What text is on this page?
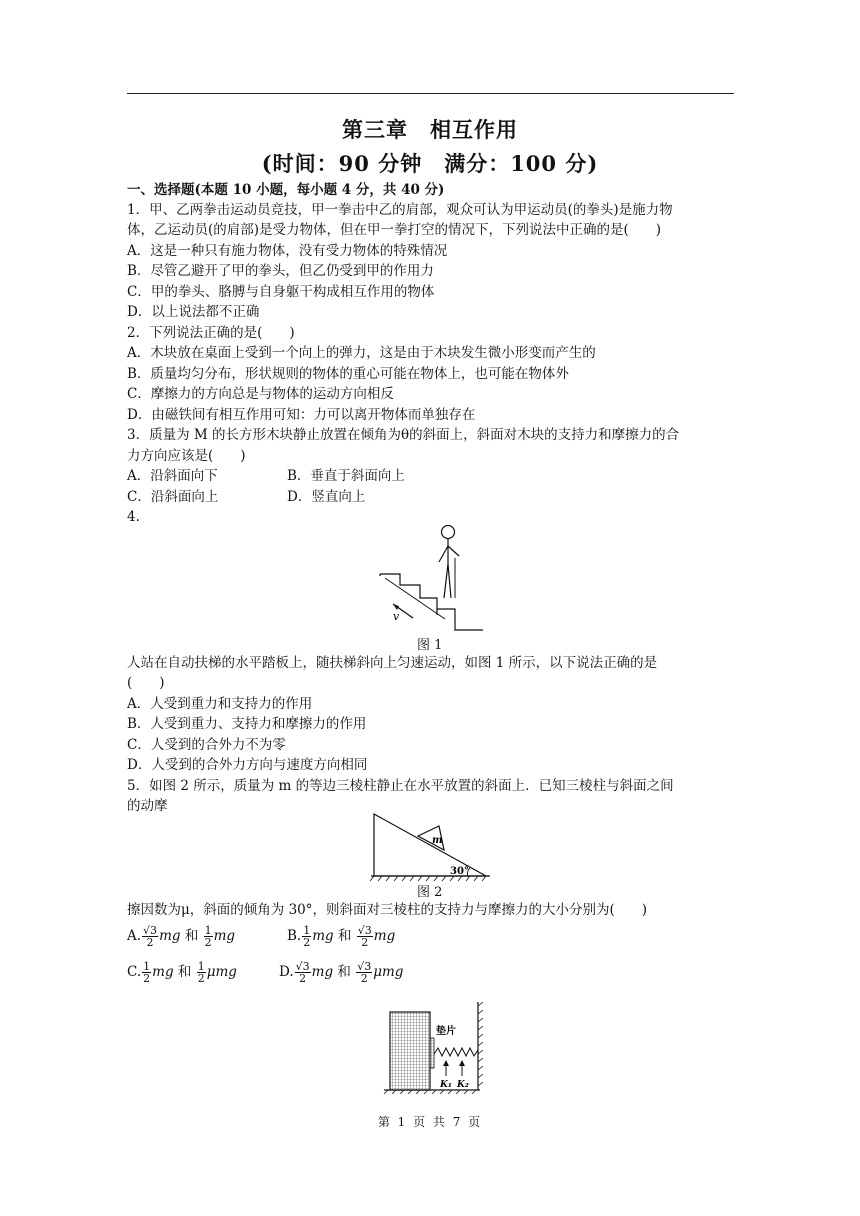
第三章　相互作用
(时间：90 分钟　满分：100 分)
一、选择题(本题 10 小题，每小题 4 分，共 40 分)
1．甲、乙两拳击运动员竞技，甲一拳击中乙的肩部，观众可认为甲运动员(的拳头)是施力物
体，乙运动员(的肩部)是受力物体，但在甲一拳打空的情况下，下列说法中正确的是(　　)
A．这是一种只有施力物体，没有受力物体的特殊情况
B．尽管乙避开了甲的拳头，但乙仍受到甲的作用力
C．甲的拳头、胳膊与自身躯干构成相互作用的物体
D．以上说法都不正确
2．下列说法正确的是(　　)
A．木块放在桌面上受到一个向上的弹力，这是由于木块发生微小形变而产生的
B．质量均匀分布，形状规则的物体的重心可能在物体上，也可能在物体外
C．摩擦力的方向总是与物体的运动方向相反
D．由磁铁间有相互作用可知：力可以离开物体而单独存在
3．质量为 M 的长方形木块静止放置在倾角为θ的斜面上，斜面对木块的支持力和摩擦力的合
力方向应该是(　　)
A．沿斜面向下	B．垂直于斜面向上
C．沿斜面向上	D．竖直向上
4.
v
图 1
人站在自动扶梯的水平踏板上，随扶梯斜向上匀速运动，如图 1 所示，以下说法正确的是
(　　)
A．人受到重力和支持力的作用
B．人受到重力、支持力和摩擦力的作用
C．人受到的合外力不为零
D．人受到的合外力方向与速度方向相同
5．如图 2 所示，质量为 m 的等边三棱柱静止在水平放置的斜面上．已知三棱柱与斜面之间
的动摩
m
30°
图 2
擦因数为μ，斜面的倾角为 30°，则斜面对三棱柱的支持力与摩擦力的大小分别为(　　)
A. $\frac{√3}{2}$ mg 和 $\frac{1}{2}$ mg	B. $\frac{1}{2}$ mg 和 $\frac{√3}{2}$ mg
C. $\frac{1}{2}$ mg 和 $\frac{1}{2}$ μmg	D. $\frac{√3}{2}$ mg 和 $\frac{√3}{2}$ μmg
垫片
K₁ K₂
第 1 页 共 7 页
